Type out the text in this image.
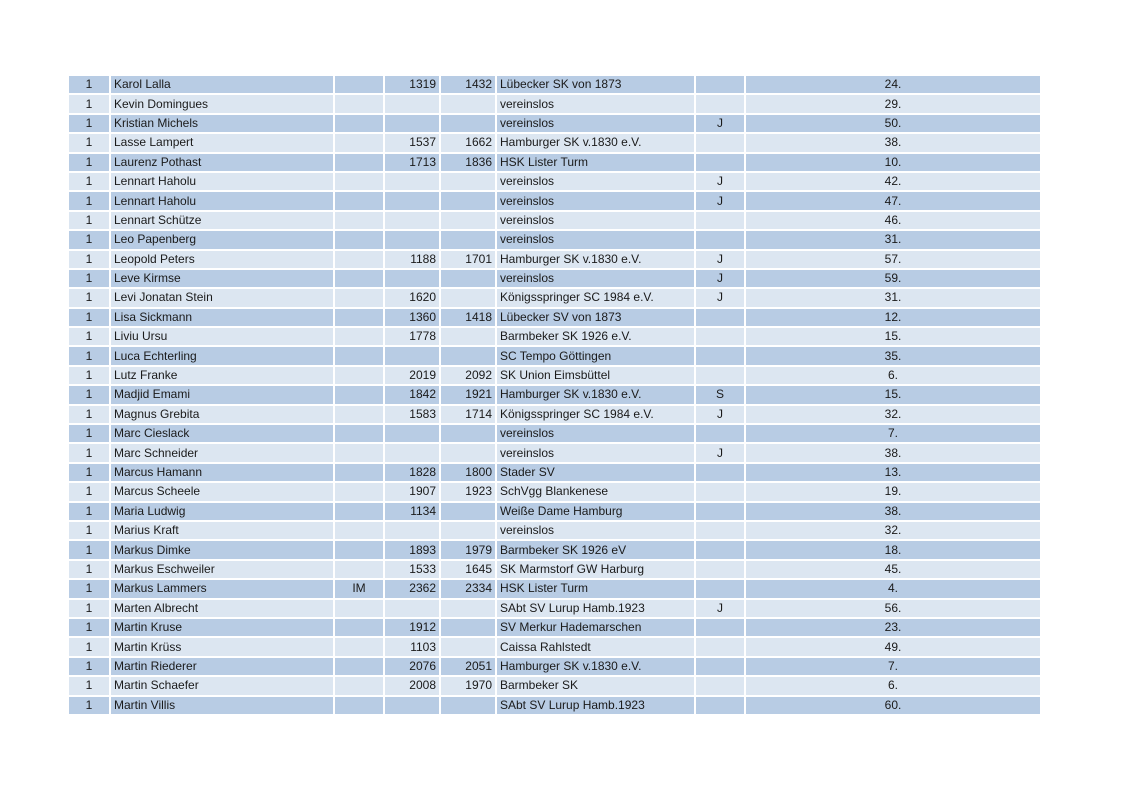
1	Karol Lalla		1319	1432	Lübecker SK von 1873		24.
1	Kevin Domingues				vereinslos		29.
1	Kristian Michels				vereinslos	J	50.
1	Lasse Lampert		1537	1662	Hamburger SK v.1830 e.V.		38.
1	Laurenz Pothast		1713	1836	HSK Lister Turm		10.
1	Lennart Haholu				vereinslos	J	42.
1	Lennart Haholu				vereinslos	J	47.
1	Lennart Schütze				vereinslos		46.
1	Leo Papenberg				vereinslos		31.
1	Leopold Peters		1188	1701	Hamburger SK v.1830 e.V.	J	57.
1	Leve Kirmse				vereinslos	J	59.
1	Levi Jonatan Stein		1620		Königsspringer SC 1984 e.V.	J	31.
1	Lisa Sickmann		1360	1418	Lübecker SV von 1873		12.
1	Liviu Ursu		1778		Barmbeker SK 1926 e.V.		15.
1	Luca Echterling				SC Tempo Göttingen		35.
1	Lutz Franke		2019	2092	SK Union Eimsbüttel		6.
1	Madjid Emami		1842	1921	Hamburger SK v.1830 e.V.	S	15.
1	Magnus Grebita		1583	1714	Königsspringer SC 1984 e.V.	J	32.
1	Marc Cieslack				vereinslos		7.
1	Marc Schneider				vereinslos	J	38.
1	Marcus Hamann		1828	1800	Stader SV		13.
1	Marcus Scheele		1907	1923	SchVgg Blankenese		19.
1	Maria Ludwig		1134		Weiße Dame Hamburg		38.
1	Marius Kraft				vereinslos		32.
1	Markus Dimke		1893	1979	Barmbeker SK 1926 eV		18.
1	Markus Eschweiler		1533	1645	SK Marmstorf GW Harburg		45.
1	Markus Lammers	IM	2362	2334	HSK Lister Turm		4.
1	Marten Albrecht				SAbt SV Lurup Hamb.1923	J	56.
1	Martin Kruse		1912		SV Merkur Hademarschen		23.
1	Martin Krüss		1103		Caissa Rahlstedt		49.
1	Martin Riederer		2076	2051	Hamburger SK v.1830 e.V.		7.
1	Martin Schaefer		2008	1970	Barmbeker SK		6.
1	Martin Villis				SAbt SV Lurup Hamb.1923		60.
